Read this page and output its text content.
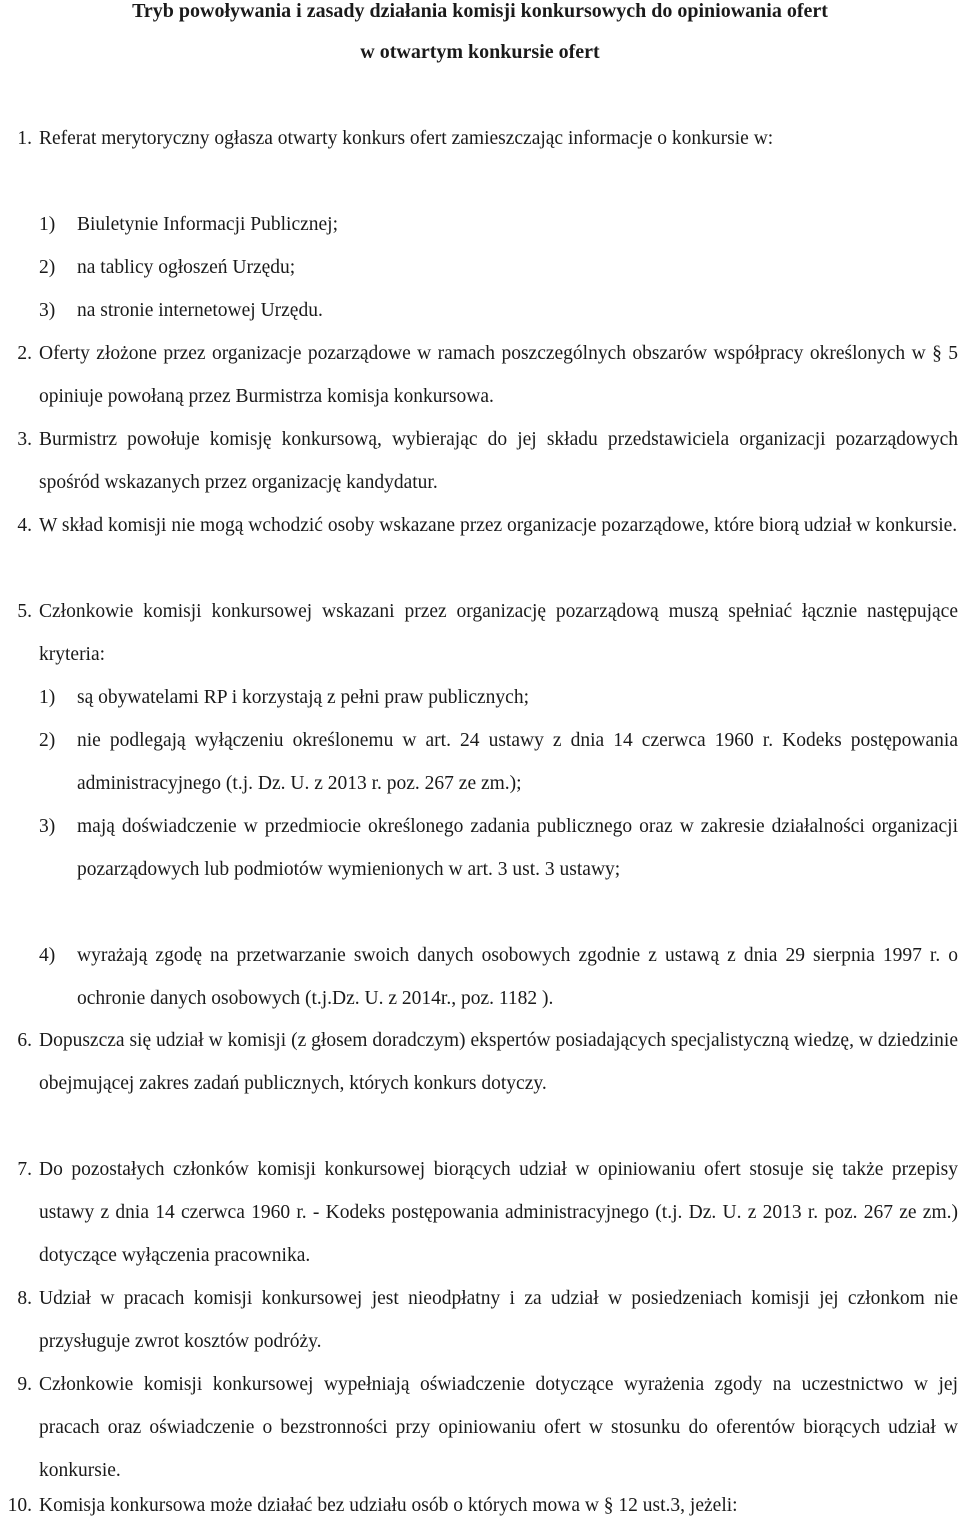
Tryb powoływania i zasady działania komisji konkursowych do opiniowania ofert
w otwartym konkursie ofert
1. Referat merytoryczny ogłasza otwarty konkurs ofert zamieszczając informacje o konkursie w:
1)	Biuletynie Informacji Publicznej;
2)	na tablicy ogłoszeń Urzędu;
3)	na stronie internetowej Urzędu.
2. Oferty złożone przez organizacje pozarządowe w ramach poszczególnych obszarów współpracy określonych w § 5 opiniuje powołaną przez Burmistrza komisja konkursowa.
3. Burmistrz powołuje komisję konkursową, wybierając do jej składu przedstawiciela organizacji pozarządowych spośród wskazanych przez organizację kandydatur.
4. W skład komisji nie mogą wchodzić osoby wskazane przez organizacje pozarządowe, które biorą udział w konkursie.
5. Członkowie komisji konkursowej wskazani przez organizację pozarządową muszą spełniać łącznie następujące kryteria:
1)	są obywatelami RP i korzystają z pełni praw publicznych;
2)	nie podlegają wyłączeniu określonemu w art. 24 ustawy z dnia 14 czerwca 1960 r. Kodeks postępowania administracyjnego (t.j. Dz. U. z 2013 r. poz. 267 ze zm.);
3)	mają doświadczenie w przedmiocie określonego zadania publicznego oraz w zakresie działalności organizacji pozarządowych lub podmiotów wymienionych w art. 3 ust. 3 ustawy;
4)	wyrażają zgodę na przetwarzanie swoich danych osobowych zgodnie z ustawą z dnia 29 sierpnia 1997 r. o ochronie danych osobowych (t.j.Dz. U. z 2014r., poz. 1182 ).
6. Dopuszcza się udział w komisji (z głosem doradczym) ekspertów posiadających specjalistyczną wiedzę, w dziedzinie obejmującej zakres zadań publicznych, których konkurs dotyczy.
7. Do pozostałych członków komisji konkursowej biorących udział w opiniowaniu ofert stosuje się także przepisy ustawy z dnia 14 czerwca 1960 r. - Kodeks postępowania administracyjnego (t.j. Dz. U. z 2013 r. poz. 267 ze zm.) dotyczące wyłączenia pracownika.
8. Udział w pracach komisji konkursowej jest nieodpłatny i za udział w posiedzeniach komisji jej członkom nie przysługuje zwrot kosztów podróży.
9. Członkowie komisji konkursowej wypełniają oświadczenie dotyczące wyrażenia zgody na uczestnictwo w jej pracach oraz oświadczenie o bezstronności przy opiniowaniu ofert w stosunku do oferentów biorących udział w konkursie.
10. Komisja konkursowa może działać bez udziału osób o których mowa w § 12 ust.3, jeżeli:
